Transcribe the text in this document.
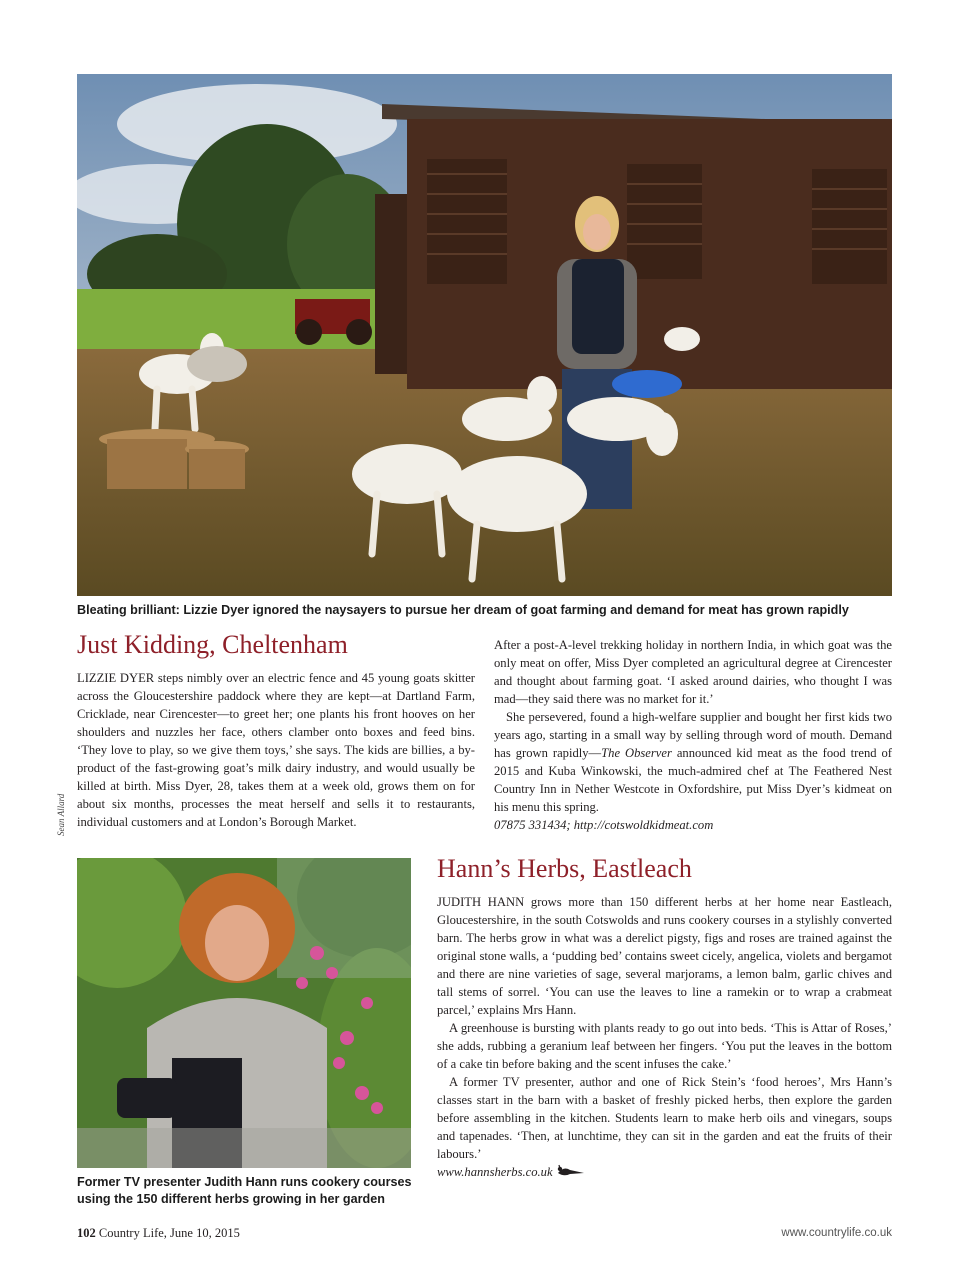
Bleating brilliant: Lizzie Dyer ignored the naysayers to pursue her dream of goat farming and demand for meat has grown rapidly
Sean Allard
Just Kidding, Cheltenham

LIZZIE DYER steps nimbly over an electric fence and 45 young goats skitter across the Gloucestershire paddock where they are kept—at Dartland Farm, Cricklade, near Cirencester—to greet her; one plants his front hooves on her shoulders and nuzzles her face, others clamber onto boxes and feed bins. ‘They love to play, so we give them toys,’ she says. The kids are billies, a by-product of the fast-growing goat’s milk dairy industry, and would usually be killed at birth. Miss Dyer, 28, takes them at a week old, grows them on for about six months, processes the meat herself and sells it to restaurants, individual customers and at London’s Borough Market.

After a post-A-level trekking holiday in northern India, in which goat was the only meat on offer, Miss Dyer completed an agricultural degree at Cirencester and thought about farming goat. ‘I asked around dairies, who thought I was mad—they said there was no market for it.’

She persevered, found a high-welfare supplier and bought her first kids two years ago, starting in a small way by selling through word of mouth. Demand has grown rapidly—The Observer announced kid meat as the food trend of 2015 and Kuba Winkowski, the much-admired chef at The Feathered Nest Country Inn in Nether Westcote in Oxfordshire, put Miss Dyer’s kidmeat on his menu this spring.

07875 331434; http://cotswoldkidmeat.com

Former TV presenter Judith Hann runs cookery courses using the 150 different herbs growing in her garden
Hann’s Herbs, Eastleach

JUDITH HANN grows more than 150 different herbs at her home near Eastleach, Gloucestershire, in the south Cotswolds and runs cookery courses in a stylishly converted barn. The herbs grow in what was a derelict pigsty, figs and roses are trained against the original stone walls, a ‘pudding bed’ contains sweet cicely, angelica, violets and bergamot and there are nine varieties of sage, several marjorams, a lemon balm, garlic chives and tall stems of sorrel. ‘You can use the leaves to line a ramekin or to wrap a crabmeat parcel,’ explains Mrs Hann.

A greenhouse is bursting with plants ready to go out into beds. ‘This is Attar of Roses,’ she adds, rubbing a geranium leaf between her fingers. ‘You put the leaves in the bottom of a cake tin before baking and the scent infuses the cake.’

A former TV presenter, author and one of Rick Stein’s ‘food heroes’, Mrs Hann’s classes start in the barn with a basket of freshly picked herbs, then explore the garden before assembling in the kitchen. Students learn to make herb oils and vinegars, soups and tapenades. ‘Then, at lunchtime, they can sit in the garden and eat the fruits of their labours.’

www.hannsherbs.co.uk

102 Country Life, June 10, 2015	www.countrylife.co.uk
